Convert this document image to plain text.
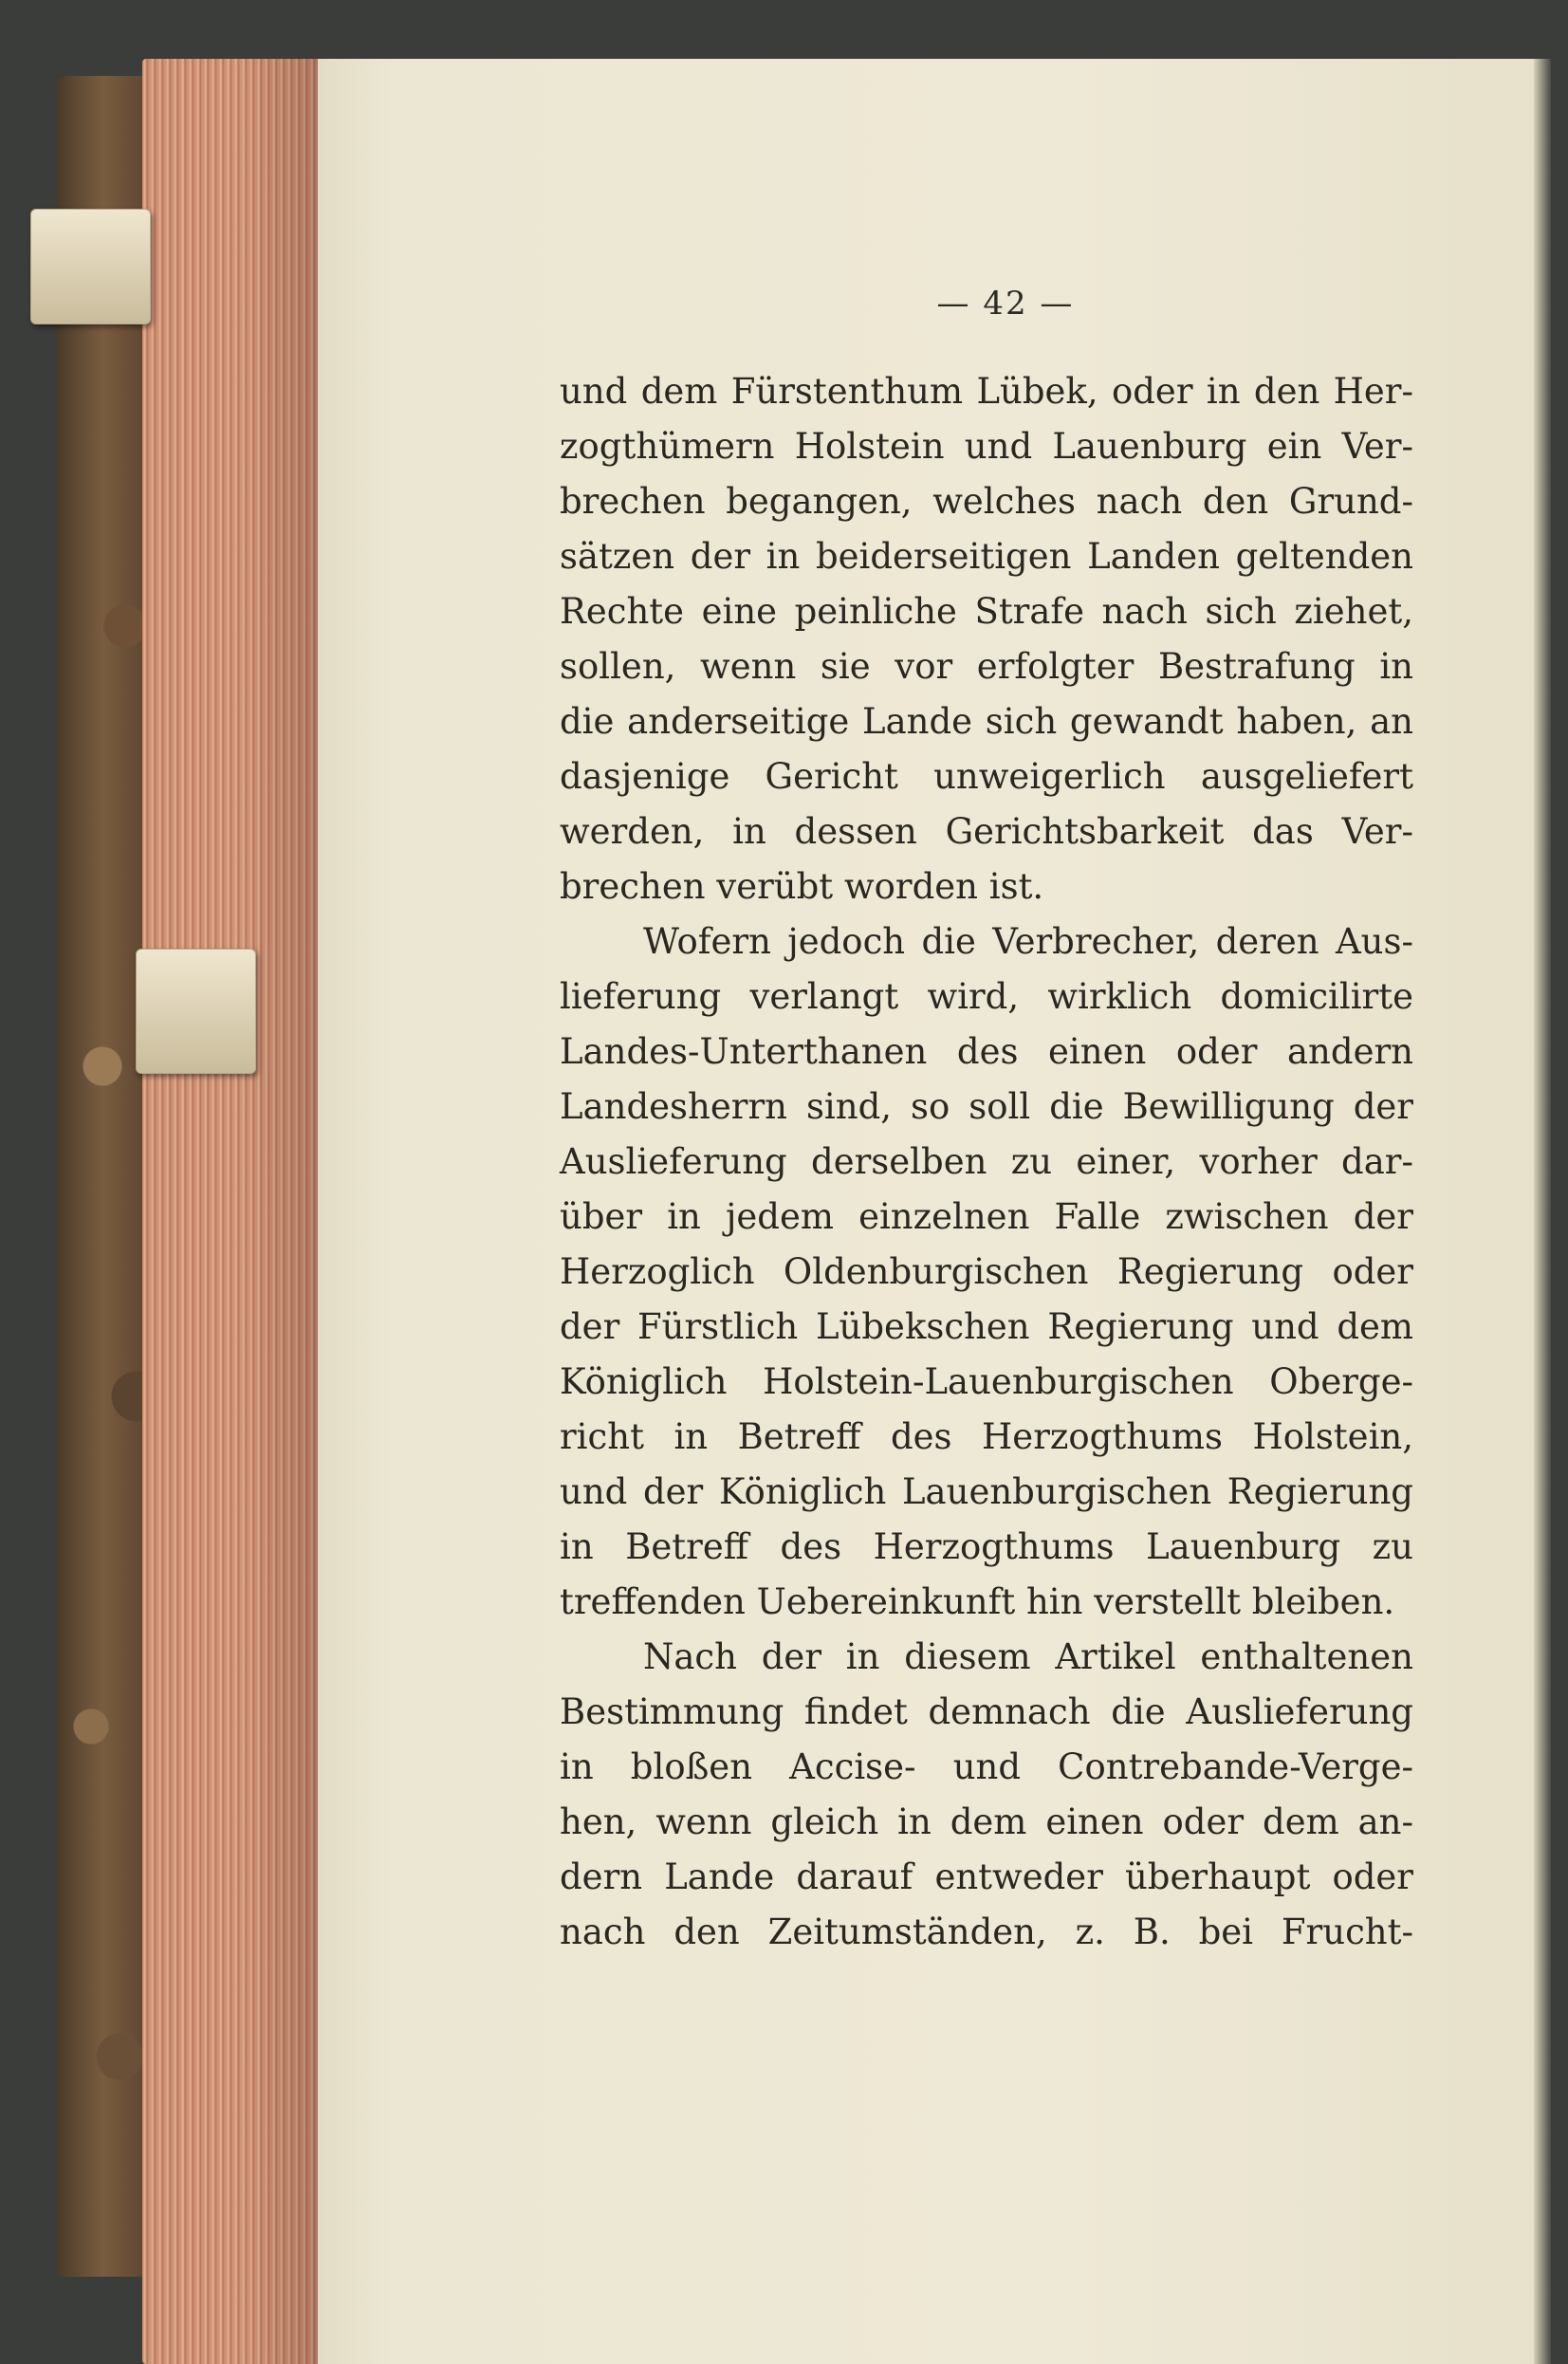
— 42 —
und dem Fürstenthum Lübek, oder in den Her-
zogthümern Holstein und Lauenburg ein Ver-
brechen begangen, welches nach den Grund-
sätzen der in beiderseitigen Landen geltenden
Rechte eine peinliche Strafe nach sich ziehet,
sollen, wenn sie vor erfolgter Bestrafung in
die anderseitige Lande sich gewandt haben, an
dasjenige Gericht unweigerlich ausgeliefert
werden, in dessen Gerichtsbarkeit das Ver-
brechen verübt worden ist.
Wofern jedoch die Verbrecher, deren Aus-
lieferung verlangt wird, wirklich domicilirte
Landes-Unterthanen des einen oder andern
Landesherrn sind, so soll die Bewilligung der
Auslieferung derselben zu einer, vorher dar-
über in jedem einzelnen Falle zwischen der
Herzoglich Oldenburgischen Regierung oder
der Fürstlich Lübekschen Regierung und dem
Königlich Holstein-Lauenburgischen Oberge-
richt in Betreff des Herzogthums Holstein,
und der Königlich Lauenburgischen Regierung
in Betreff des Herzogthums Lauenburg zu
treffenden Uebereinkunft hin verstellt bleiben.
Nach der in diesem Artikel enthaltenen
Bestimmung findet demnach die Auslieferung
in bloßen Accise- und Contrebande-Verge-
hen, wenn gleich in dem einen oder dem an-
dern Lande darauf entweder überhaupt oder
nach den Zeitumständen, z. B. bei Frucht-
